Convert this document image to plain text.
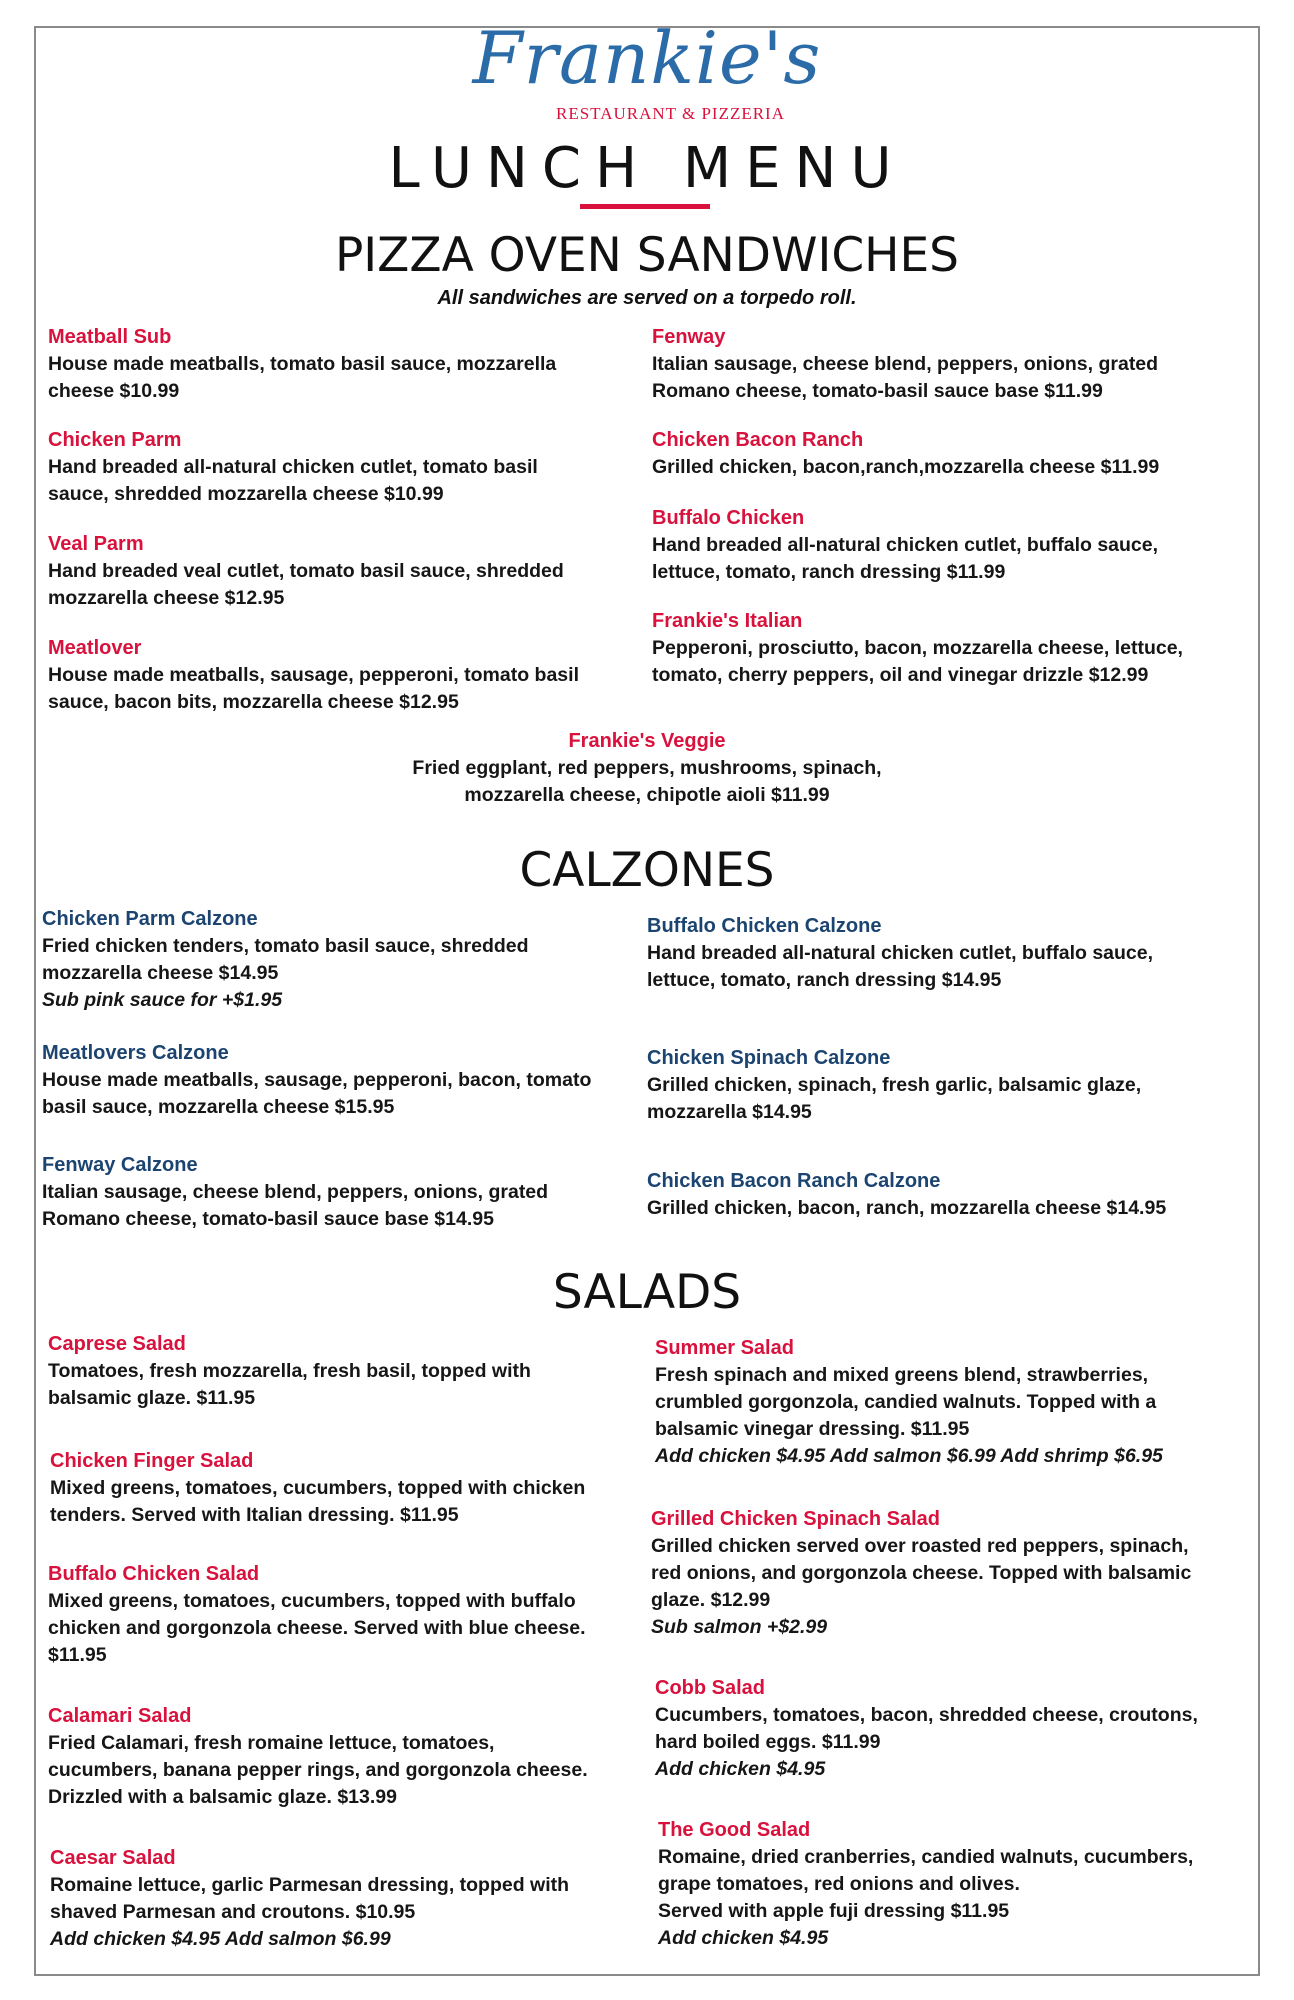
Frankie's
RESTAURANT & PIZZERIA
LUNCH MENU
PIZZA OVEN SANDWICHES
All sandwiches are served on a torpedo roll.
Meatball Sub
House made meatballs, tomato basil sauce, mozzarella
cheese $10.99
Chicken Parm
Hand breaded all-natural chicken cutlet, tomato basil
sauce, shredded mozzarella cheese $10.99
Veal Parm
Hand breaded veal cutlet, tomato basil sauce, shredded
mozzarella cheese $12.95
Meatlover
House made meatballs, sausage, pepperoni, tomato basil
sauce, bacon bits, mozzarella cheese $12.95
Fenway
Italian sausage, cheese blend, peppers, onions, grated
Romano cheese, tomato-basil sauce base $11.99
Chicken Bacon Ranch
Grilled chicken, bacon,ranch,mozzarella cheese $11.99
Buffalo Chicken
Hand breaded all-natural chicken cutlet, buffalo sauce,
lettuce, tomato, ranch dressing $11.99
Frankie's Italian
Pepperoni, prosciutto, bacon, mozzarella cheese, lettuce,
tomato, cherry peppers, oil and vinegar drizzle $12.99
Frankie's Veggie
Fried eggplant, red peppers, mushrooms, spinach,
mozzarella cheese, chipotle aioli $11.99
CALZONES
Chicken Parm Calzone
Fried chicken tenders, tomato basil sauce, shredded
mozzarella cheese $14.95
Sub pink sauce for +$1.95
Meatlovers Calzone
House made meatballs, sausage, pepperoni, bacon, tomato
basil sauce, mozzarella cheese $15.95
Fenway Calzone
Italian sausage, cheese blend, peppers, onions, grated
Romano cheese, tomato-basil sauce base $14.95
Buffalo Chicken Calzone
Hand breaded all-natural chicken cutlet, buffalo sauce,
lettuce, tomato, ranch dressing $14.95
Chicken Spinach Calzone
Grilled chicken, spinach, fresh garlic, balsamic glaze,
mozzarella $14.95
Chicken Bacon Ranch Calzone
Grilled chicken, bacon, ranch, mozzarella cheese $14.95
SALADS
Caprese Salad
Tomatoes, fresh mozzarella, fresh basil, topped with
balsamic glaze. $11.95
Chicken Finger Salad
Mixed greens, tomatoes, cucumbers, topped with chicken
tenders. Served with Italian dressing. $11.95
Buffalo Chicken Salad
Mixed greens, tomatoes, cucumbers, topped with buffalo
chicken and gorgonzola cheese. Served with blue cheese.
$11.95
Calamari Salad
Fried Calamari, fresh romaine lettuce, tomatoes,
cucumbers, banana pepper rings, and gorgonzola cheese.
Drizzled with a balsamic glaze. $13.99
Caesar Salad
Romaine lettuce, garlic Parmesan dressing, topped with
shaved Parmesan and croutons. $10.95
Add chicken $4.95 Add salmon $6.99
Summer Salad
Fresh spinach and mixed greens blend, strawberries,
crumbled gorgonzola, candied walnuts. Topped with a
balsamic vinegar dressing. $11.95
Add chicken $4.95 Add salmon $6.99 Add shrimp $6.95
Grilled Chicken Spinach Salad
Grilled chicken served over roasted red peppers, spinach,
red onions, and gorgonzola cheese. Topped with balsamic
glaze. $12.99
Sub salmon +$2.99
Cobb Salad
Cucumbers, tomatoes, bacon, shredded cheese, croutons,
hard boiled eggs. $11.99
Add chicken $4.95
The Good Salad
Romaine, dried cranberries, candied walnuts, cucumbers,
grape tomatoes, red onions and olives.
Served with apple fuji dressing $11.95
Add chicken $4.95
